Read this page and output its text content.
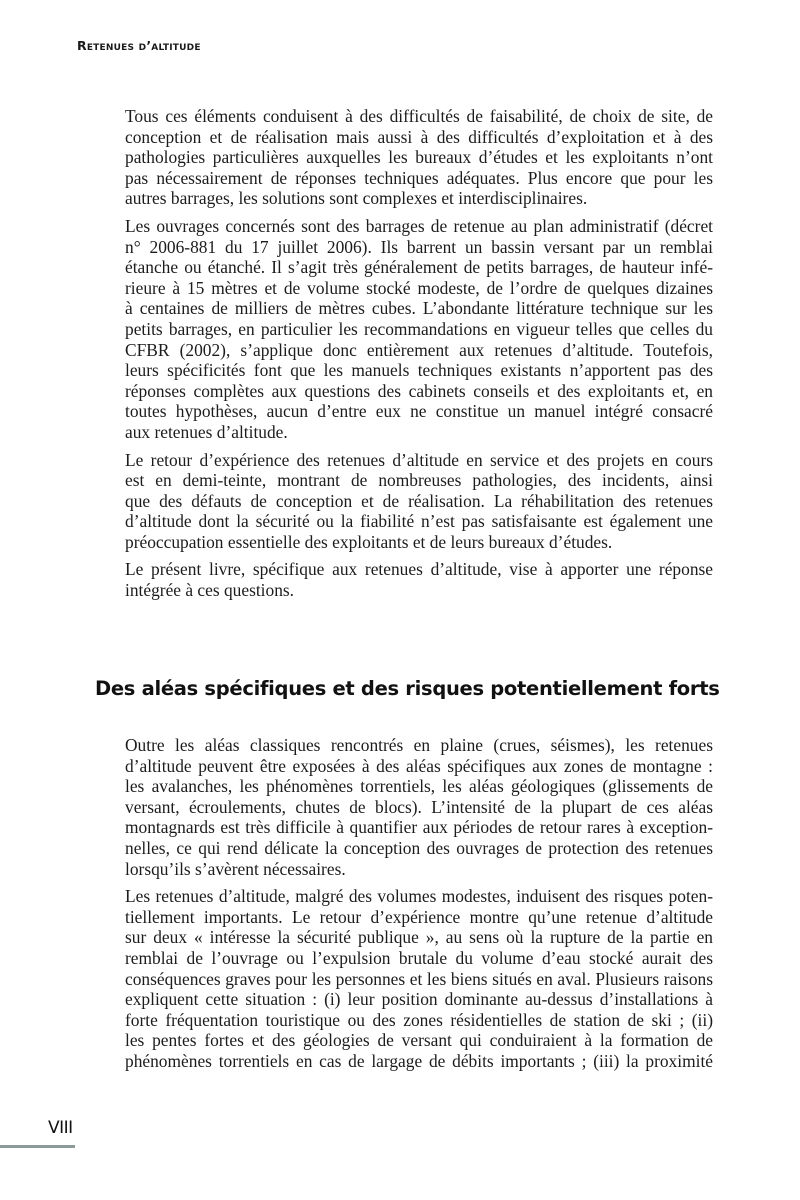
Retenues d’altitude
Tous ces éléments conduisent à des difficultés de faisabilité, de choix de site, de
conception et de réalisation mais aussi à des difficultés d’exploitation et à des
pathologies particulières auxquelles les bureaux d’études et les exploitants n’ont
pas nécessairement de réponses techniques adéquates. Plus encore que pour les
autres barrages, les solutions sont complexes et interdisciplinaires.
Les ouvrages concernés sont des barrages de retenue au plan administratif (décret
n° 2006-881 du 17 juillet 2006). Ils barrent un bassin versant par un remblai
étanche ou étanché. Il s’agit très généralement de petits barrages, de hauteur infé-
rieure à 15 mètres et de volume stocké modeste, de l’ordre de quelques dizaines
à centaines de milliers de mètres cubes. L’abondante littérature technique sur les
petits barrages, en particulier les recommandations en vigueur telles que celles du
CFBR (2002), s’applique donc entièrement aux retenues d’altitude. Toutefois,
leurs spécificités font que les manuels techniques existants n’apportent pas des
réponses complètes aux questions des cabinets conseils et des exploitants et, en
toutes hypothèses, aucun d’entre eux ne constitue un manuel intégré consacré
aux retenues d’altitude.
Le retour d’expérience des retenues d’altitude en service et des projets en cours
est en demi-teinte, montrant de nombreuses pathologies, des incidents, ainsi
que des défauts de conception et de réalisation. La réhabilitation des retenues
d’altitude dont la sécurité ou la fiabilité n’est pas satisfaisante est également une
préoccupation essentielle des exploitants et de leurs bureaux d’études.
Le présent livre, spécifique aux retenues d’altitude, vise à apporter une réponse
intégrée à ces questions.
Des aléas spécifiques et des risques potentiellement forts
Outre les aléas classiques rencontrés en plaine (crues, séismes), les retenues
d’altitude peuvent être exposées à des aléas spécifiques aux zones de montagne :
les avalanches, les phénomènes torrentiels, les aléas géologiques (glissements de
versant, écroulements, chutes de blocs). L’intensité de la plupart de ces aléas
montagnards est très difficile à quantifier aux périodes de retour rares à exception-
nelles, ce qui rend délicate la conception des ouvrages de protection des retenues
lorsqu’ils s’avèrent nécessaires.
Les retenues d’altitude, malgré des volumes modestes, induisent des risques poten-
tiellement importants. Le retour d’expérience montre qu’une retenue d’altitude
sur deux « intéresse la sécurité publique », au sens où la rupture de la partie en
remblai de l’ouvrage ou l’expulsion brutale du volume d’eau stocké aurait des
conséquences graves pour les personnes et les biens situés en aval. Plusieurs raisons
expliquent cette situation : (i) leur position dominante au-dessus d’installations à
forte fréquentation touristique ou des zones résidentielles de station de ski ; (ii)
les pentes fortes et des géologies de versant qui conduiraient à la formation de
phénomènes torrentiels en cas de largage de débits importants ; (iii) la proximité
VIII
